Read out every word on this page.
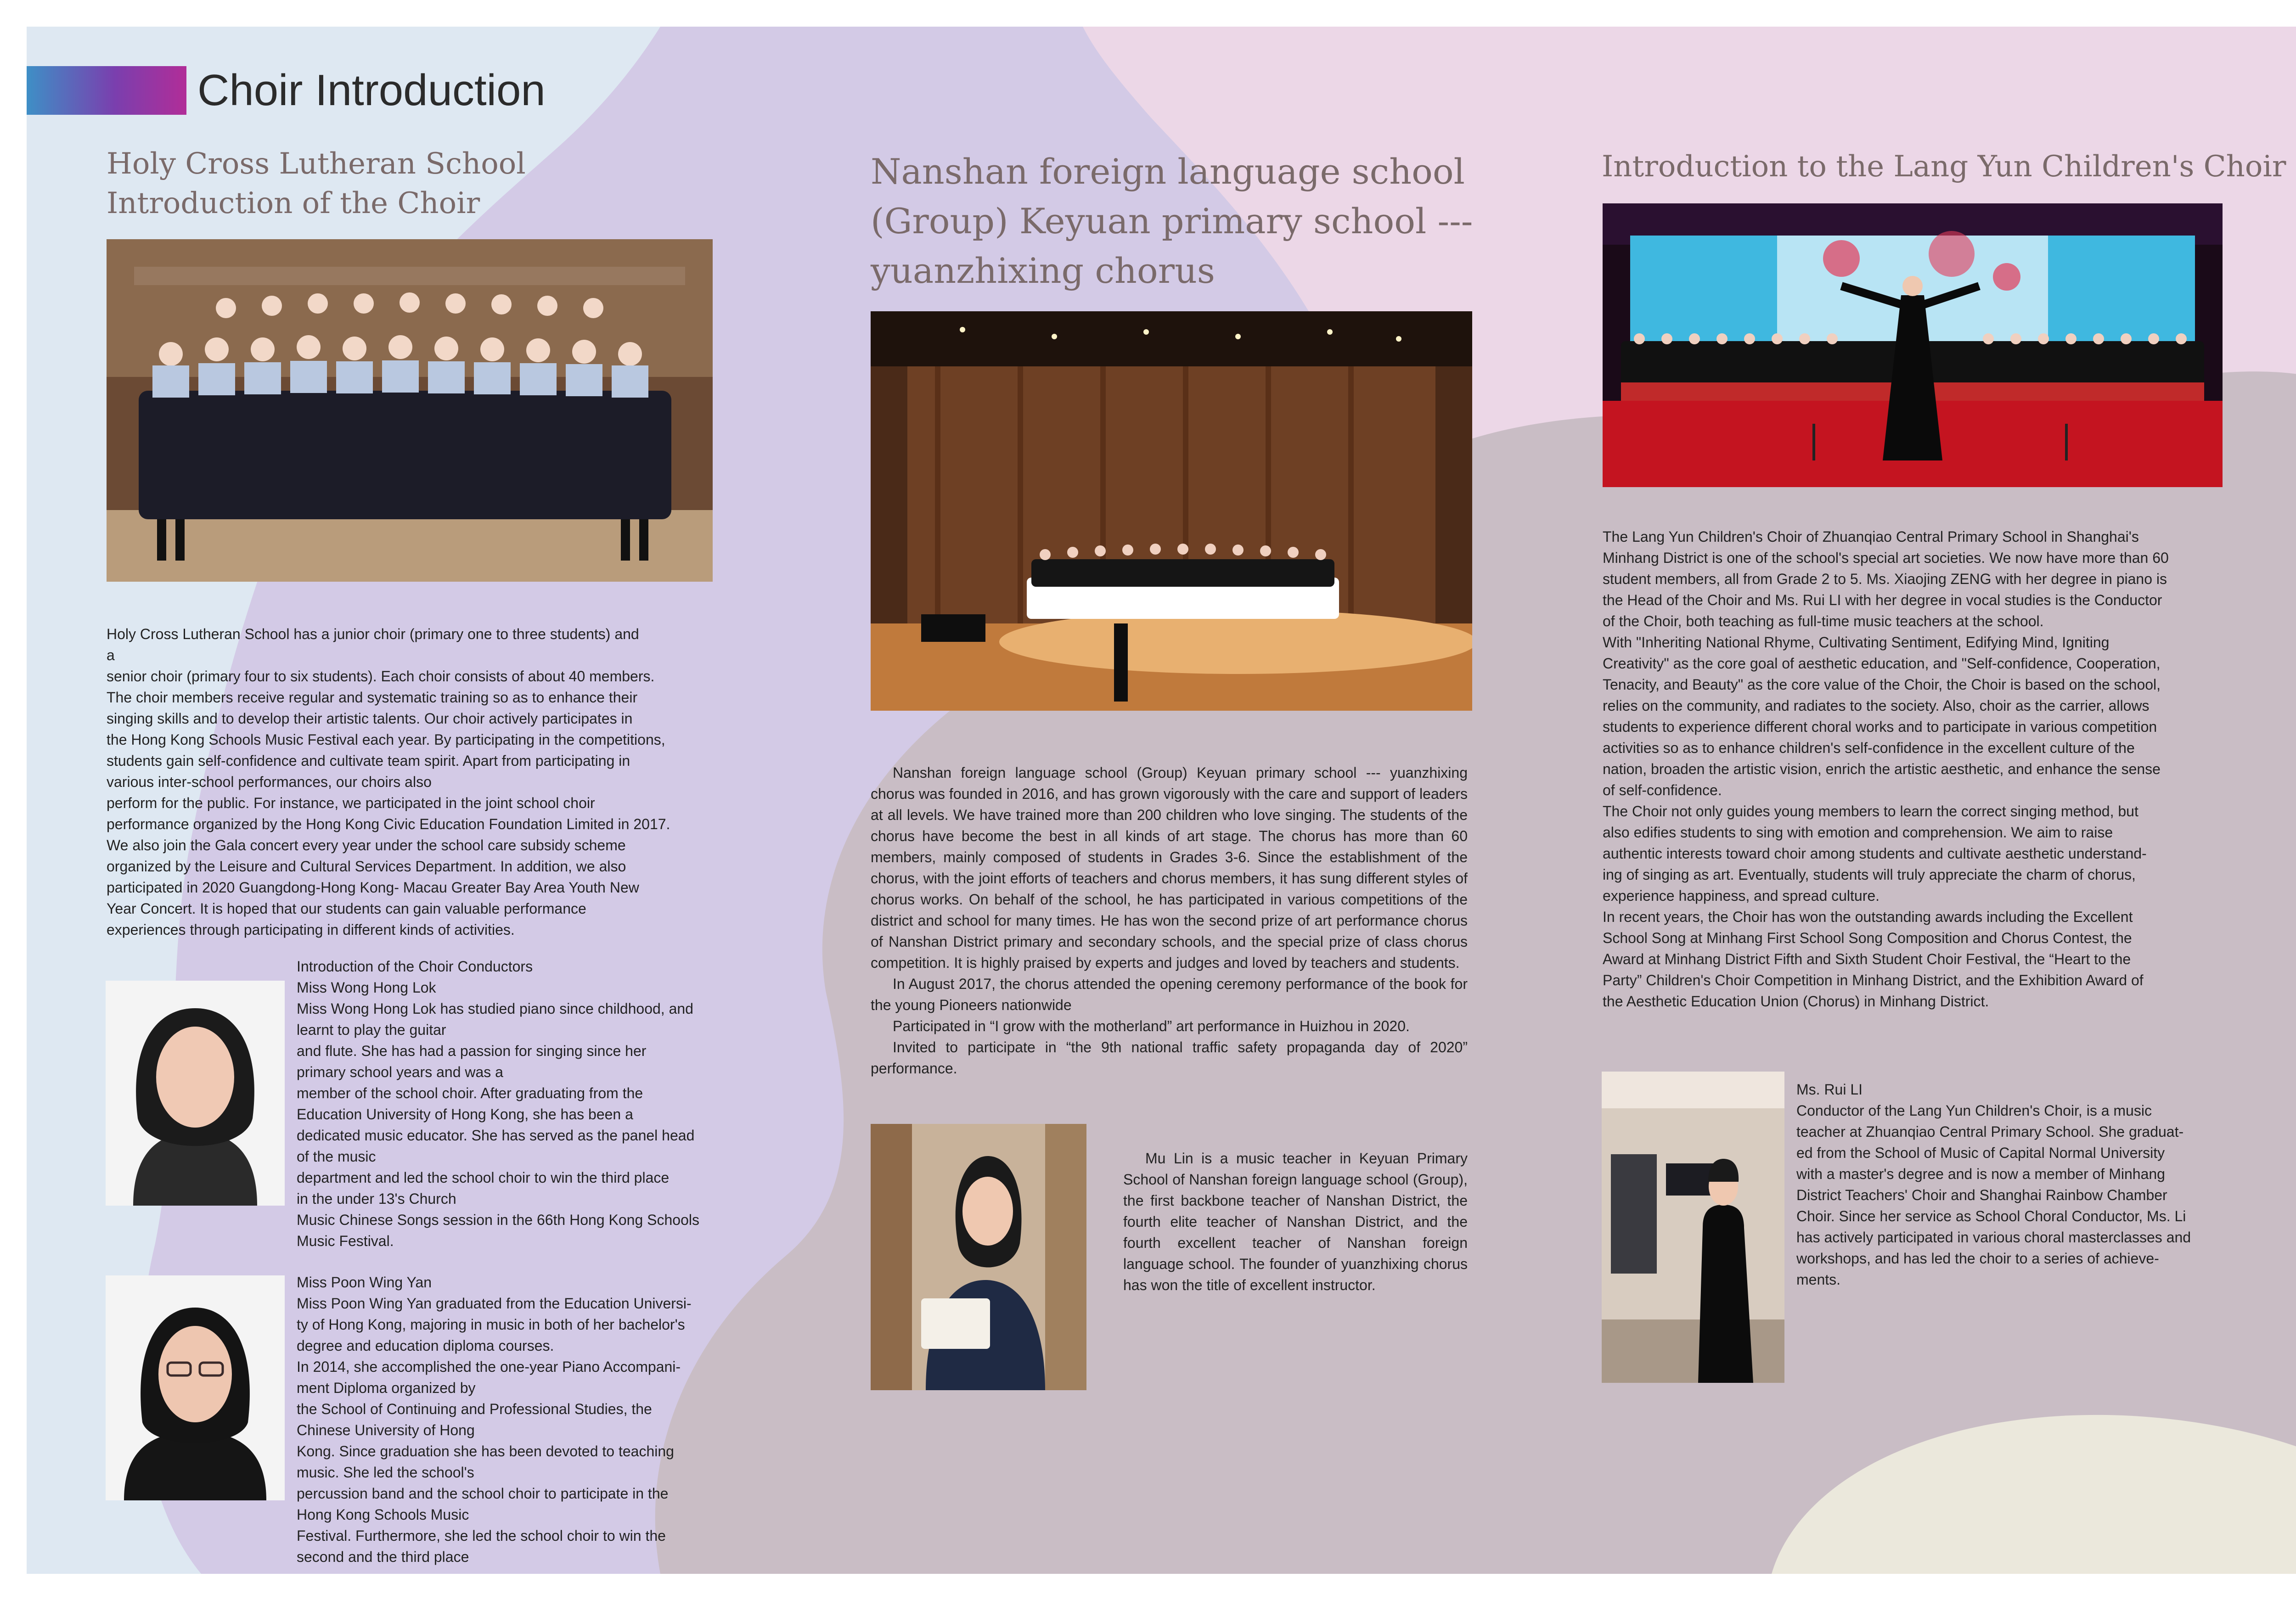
Choir Introduction
Holy Cross Lutheran School
Introduction of the Choir
Holy Cross Lutheran School has a junior choir (primary one to three students) and
a
senior choir (primary four to six students). Each choir consists of about 40 members.
The choir members receive regular and systematic training so as to enhance their
singing skills and to develop their artistic talents. Our choir actively participates in
the Hong Kong Schools Music Festival each year. By participating in the competitions,
students gain self-confidence and cultivate team spirit. Apart from participating in
various inter-school performances, our choirs also
perform for the public. For instance, we participated in the joint school choir
performance organized by the Hong Kong Civic Education Foundation Limited in 2017.
We also join the Gala concert every year under the school care subsidy scheme
organized by the Leisure and Cultural Services Department. In addition, we also
participated in 2020 Guangdong-Hong Kong- Macau Greater Bay Area Youth New
Year Concert. It is hoped that our students can gain valuable performance
experiences through participating in different kinds of activities.
Introduction of the Choir Conductors
Miss Wong Hong Lok
Miss Wong Hong Lok has studied piano since childhood, and
learnt to play the guitar
and flute. She has had a passion for singing since her
primary school years and was a
member of the school choir. After graduating from the
Education University of Hong Kong, she has been a
dedicated music educator. She has served as the panel head
of the music
department and led the school choir to win the third place
in the under 13's Church
Music Chinese Songs session in the 66th Hong Kong Schools
Music Festival.
Miss Poon Wing Yan
Miss Poon Wing Yan graduated from the Education Universi-
ty of Hong Kong, majoring in music in both of her bachelor's
degree and education diploma courses.
In 2014, she accomplished the one-year Piano Accompani-
ment Diploma organized by
the School of Continuing and Professional Studies, the
Chinese University of Hong
Kong. Since graduation she has been devoted to teaching
music. She led the school's
percussion band and the school choir to participate in the
Hong Kong Schools Music
Festival. Furthermore, she led the school choir to win the
second and the third place
Nanshan foreign language school
(Group) Keyuan primary school ---
yuanzhixing chorus

Nanshan foreign language school (Group) Keyuan primary school --- yuanzhixing chorus was founded in 2016, and has grown vigorously with the care and support of leaders at all levels. We have trained more than 200 children who love singing. The students of the chorus have become the best in all kinds of art stage. The chorus has more than 60 members, mainly composed of students in Grades 3-6. Since the establishment of the chorus, with the joint efforts of teachers and chorus members, it has sung different styles of chorus works. On behalf of the school, he has participated in various competitions of the district and school for many times. He has won the second prize of art performance chorus of Nanshan District primary and secondary schools, and the special prize of class chorus competition. It is highly praised by experts and judges and loved by teachers and students.

In August 2017, the chorus attended the opening ceremony performance of the book for the young Pioneers nationwide

Participated in “I grow with the motherland” art performance in Huizhou in 2020.

Invited to participate in “the 9th national traffic safety propaganda day of 2020” performance.

Mu Lin is a music teacher in Keyuan Primary School of Nanshan foreign language school (Group), the first backbone teacher of Nanshan District, the fourth elite teacher of Nanshan District, and the fourth excellent teacher of Nanshan foreign language school. The founder of yuanzhixing chorus has won the title of excellent instructor.

Introduction to the Lang Yun Children's Choir
The Lang Yun Children's Choir of Zhuanqiao Central Primary School in Shanghai's
Minhang District is one of the school's special art societies. We now have more than 60
student members, all from Grade 2 to 5. Ms. Xiaojing ZENG with her degree in piano is
the Head of the Choir and Ms. Rui LI with her degree in vocal studies is the Conductor
of the Choir, both teaching as full-time music teachers at the school.
With "Inheriting National Rhyme, Cultivating Sentiment, Edifying Mind, Igniting
Creativity" as the core goal of aesthetic education, and "Self-confidence, Cooperation,
Tenacity, and Beauty" as the core value of the Choir, the Choir is based on the school,
relies on the community, and radiates to the society. Also, choir as the carrier, allows
students to experience different choral works and to participate in various competition
activities so as to enhance children's self-confidence in the excellent culture of the
nation, broaden the artistic vision, enrich the artistic aesthetic, and enhance the sense
of self-confidence.
The Choir not only guides young members to learn the correct singing method, but
also edifies students to sing with emotion and comprehension. We aim to raise
authentic interests toward choir among students and cultivate aesthetic understand-
ing of singing as art. Eventually, students will truly appreciate the charm of chorus,
experience happiness, and spread culture.
In recent years, the Choir has won the outstanding awards including the Excellent
School Song at Minhang First School Song Composition and Chorus Contest, the
Award at Minhang District Fifth and Sixth Student Choir Festival, the “Heart to the
Party” Children's Choir Competition in Minhang District, and the Exhibition Award of
the Aesthetic Education Union (Chorus) in Minhang District.
Ms. Rui LI
Conductor of the Lang Yun Children's Choir, is a music
teacher at Zhuanqiao Central Primary School. She graduat-
ed from the School of Music of Capital Normal University
with a master's degree and is now a member of Minhang
District Teachers' Choir and Shanghai Rainbow Chamber
Choir. Since her service as School Choral Conductor, Ms. Li
has actively participated in various choral masterclasses and
workshops, and has led the choir to a series of achieve-
ments.
